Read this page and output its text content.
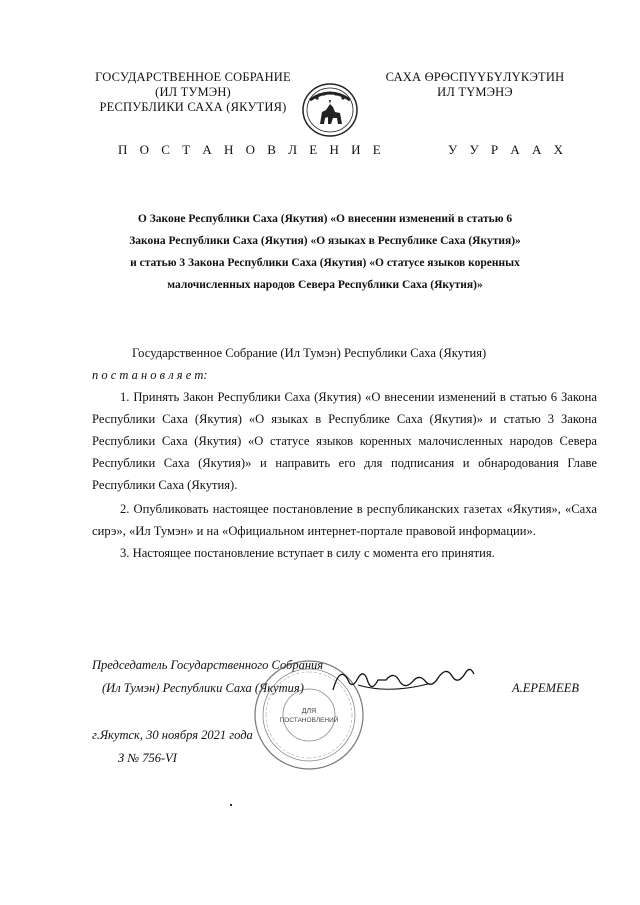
ГОСУДАРСТВЕННОЕ СОБРАНИЕ
(ИЛ ТУМЭН)
РЕСПУБЛИКИ САХА (ЯКУТИЯ)
САХА ӨРӨСПҮҮБҮЛҮКЭТИН
ИЛ ТҮМЭНЭ
П О С Т А Н О В Л Е Н И Е	У У Р А А Х
О Законе Республики Саха (Якутия) «О внесении изменений в статью 6
Закона Республики Саха (Якутия) «О языках в Республике Саха (Якутия)»
и статью 3 Закона Республики Саха (Якутия) «О статусе языков коренных
малочисленных народов Севера Республики Саха (Якутия)»
Государственное Собрание (Ил Тумэн) Республики Саха (Якутия)
п о с т а н о в л я е т:
1. Принять Закон Республики Саха (Якутия) «О внесении изменений в статью 6 Закона Республики Саха (Якутия) «О языках в Республике Саха (Якутия)» и статью 3 Закона Республики Саха (Якутия) «О статусе языков коренных малочисленных народов Севера Республики Саха (Якутия)» и направить его для подписания и обнародования Главе Республики Саха (Якутия).
2. Опубликовать настоящее постановление в республиканских газетах «Якутия», «Саха сирэ», «Ил Тумэн» и на «Официальном интернет-портале правовой информации».
3. Настоящее постановление вступает в силу с момента его принятия.
Председатель Государственного Собрания
(Ил Тумэн) Республики Саха (Якутия)
ДЛЯ
ПОСТАНОВЛЕНИЙ
А.ЕРЕМЕЕВ
г.Якутск, 30 ноября 2021 года
З № 756-VI
